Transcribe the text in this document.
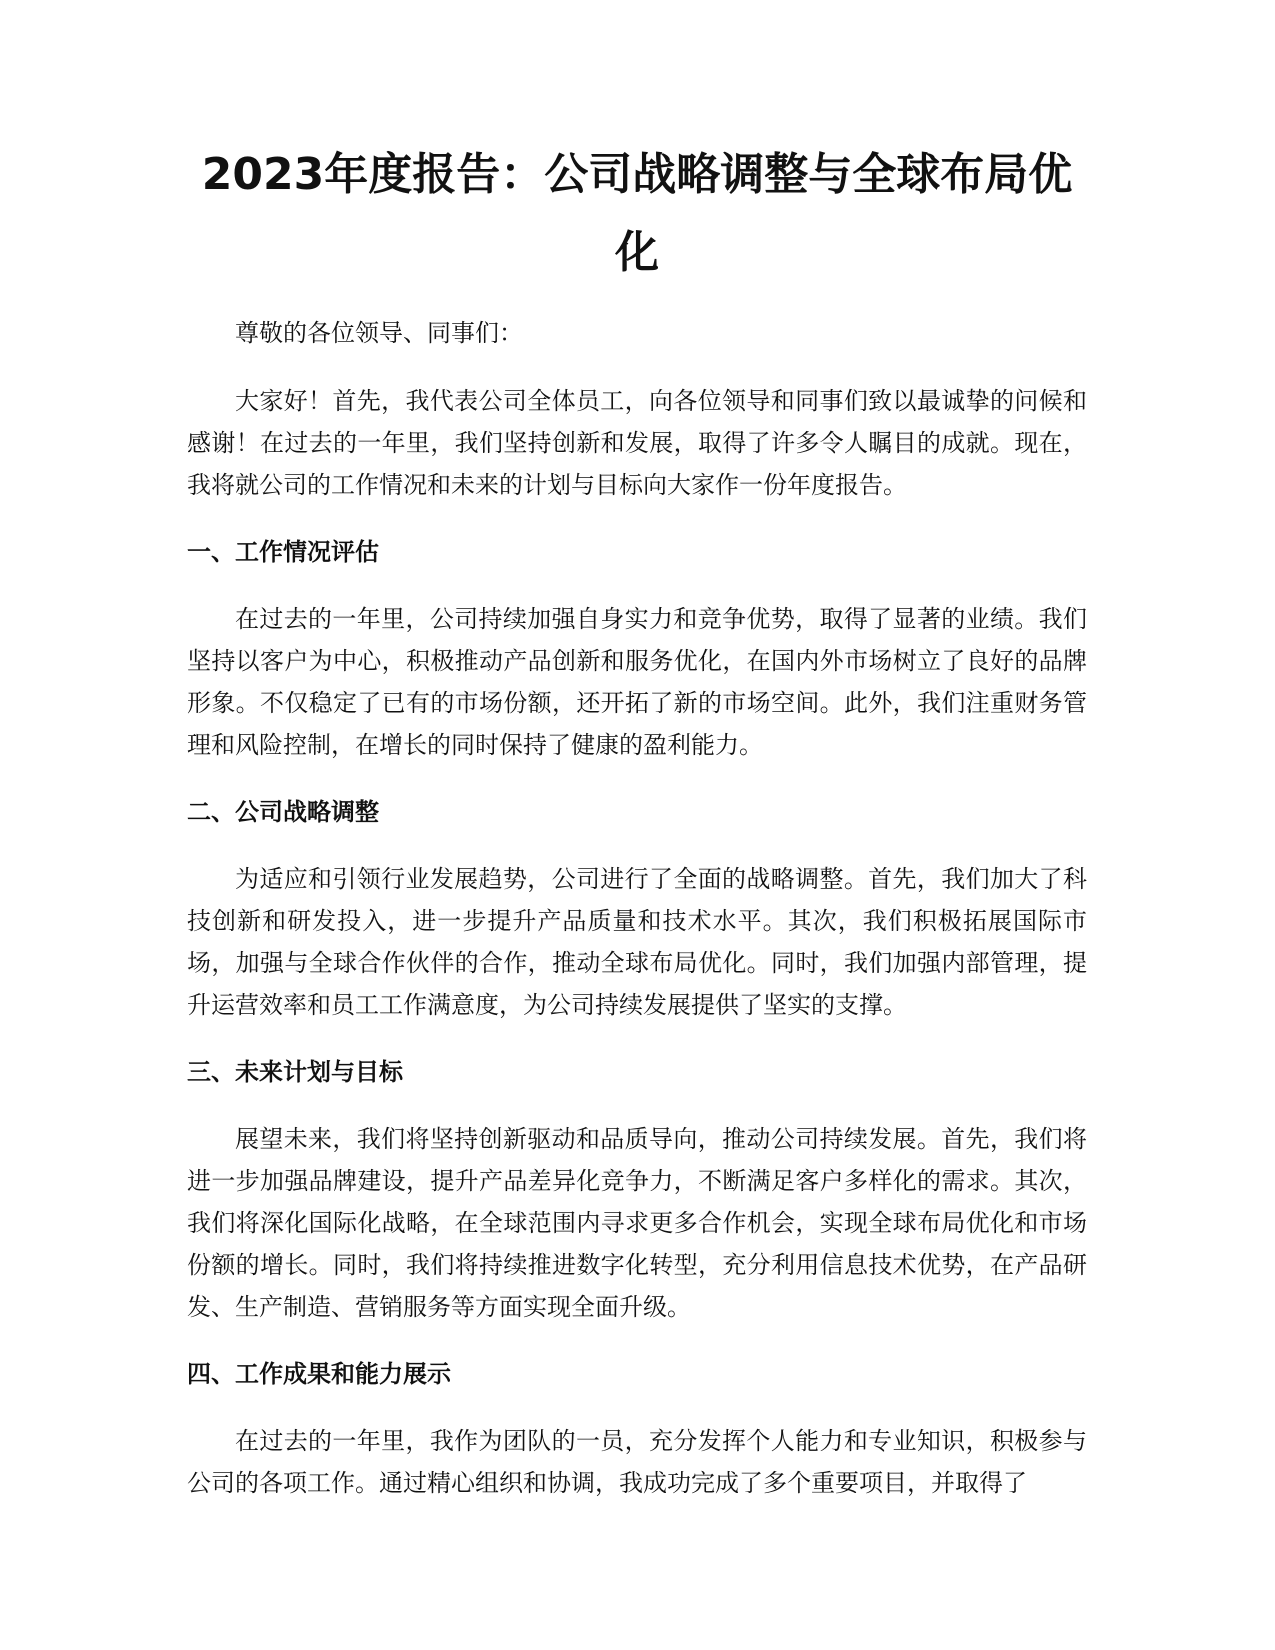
2023年度报告：公司战略调整与全球布局优化

尊敬的各位领导、同事们：

大家好！首先，我代表公司全体员工，向各位领导和同事们致以最诚挚的问候和感谢！在过去的一年里，我们坚持创新和发展，取得了许多令人瞩目的成就。现在，我将就公司的工作情况和未来的计划与目标向大家作一份年度报告。

一、工作情况评估

在过去的一年里，公司持续加强自身实力和竞争优势，取得了显著的业绩。我们坚持以客户为中心，积极推动产品创新和服务优化，在国内外市场树立了良好的品牌形象。不仅稳定了已有的市场份额，还开拓了新的市场空间。此外，我们注重财务管理和风险控制，在增长的同时保持了健康的盈利能力。

二、公司战略调整

为适应和引领行业发展趋势，公司进行了全面的战略调整。首先，我们加大了科技创新和研发投入，进一步提升产品质量和技术水平。其次，我们积极拓展国际市场，加强与全球合作伙伴的合作，推动全球布局优化。同时，我们加强内部管理，提升运营效率和员工工作满意度，为公司持续发展提供了坚实的支撑。

三、未来计划与目标

展望未来，我们将坚持创新驱动和品质导向，推动公司持续发展。首先，我们将进一步加强品牌建设，提升产品差异化竞争力，不断满足客户多样化的需求。其次，我们将深化国际化战略，在全球范围内寻求更多合作机会，实现全球布局优化和市场份额的增长。同时，我们将持续推进数字化转型，充分利用信息技术优势，在产品研发、生产制造、营销服务等方面实现全面升级。

四、工作成果和能力展示

在过去的一年里，我作为团队的一员，充分发挥个人能力和专业知识，积极参与公司的各项工作。通过精心组织和协调，我成功完成了多个重要项目，并取得了
